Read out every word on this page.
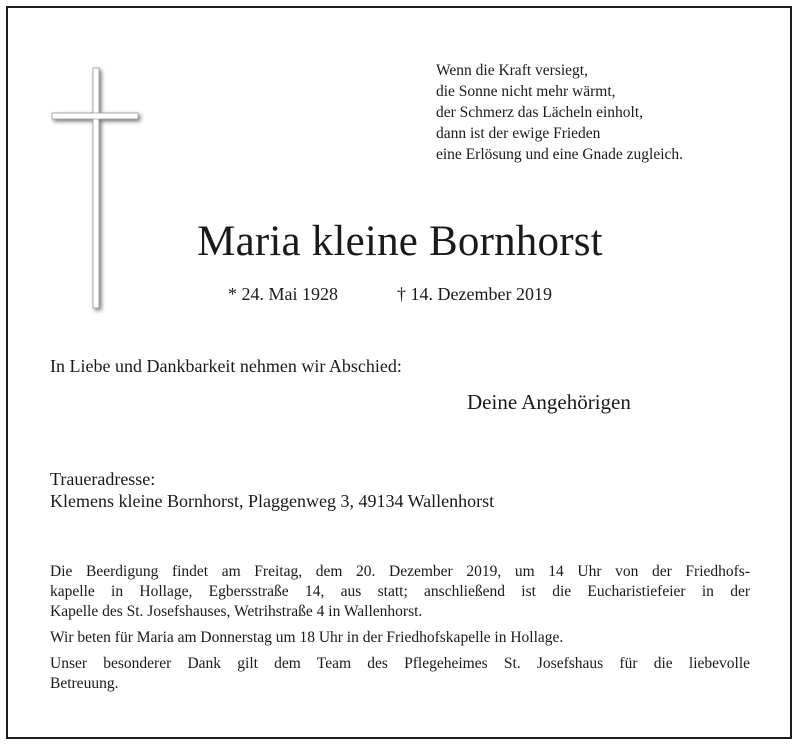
Wenn die Kraft versiegt,
die Sonne nicht mehr wärmt,
der Schmerz das Lächeln einholt,
dann ist der ewige Frieden
eine Erlösung und eine Gnade zugleich.
Maria kleine Bornhorst
* 24. Mai 1928	† 14. Dezember 2019
In Liebe und Dankbarkeit nehmen wir Abschied:
Deine Angehörigen
Traueradresse:
Klemens kleine Bornhorst, Plaggenweg 3, 49134 Wallenhorst

Die Beerdigung findet am Freitag, dem 20. Dezember 2019, um 14 Uhr von der Friedhofs-
kapelle in Hollage, Egbersstraße 14, aus statt; anschließend ist die Eucharistiefeier in der
Kapelle des St. Josefshauses, Wetrihstraße 4 in Wallenhorst.

Wir beten für Maria am Donnerstag um 18 Uhr in der Friedhofskapelle in Hollage.

Unser besonderer Dank gilt dem Team des Pflegeheimes St. Josefshaus für die liebevolle
Betreuung.
